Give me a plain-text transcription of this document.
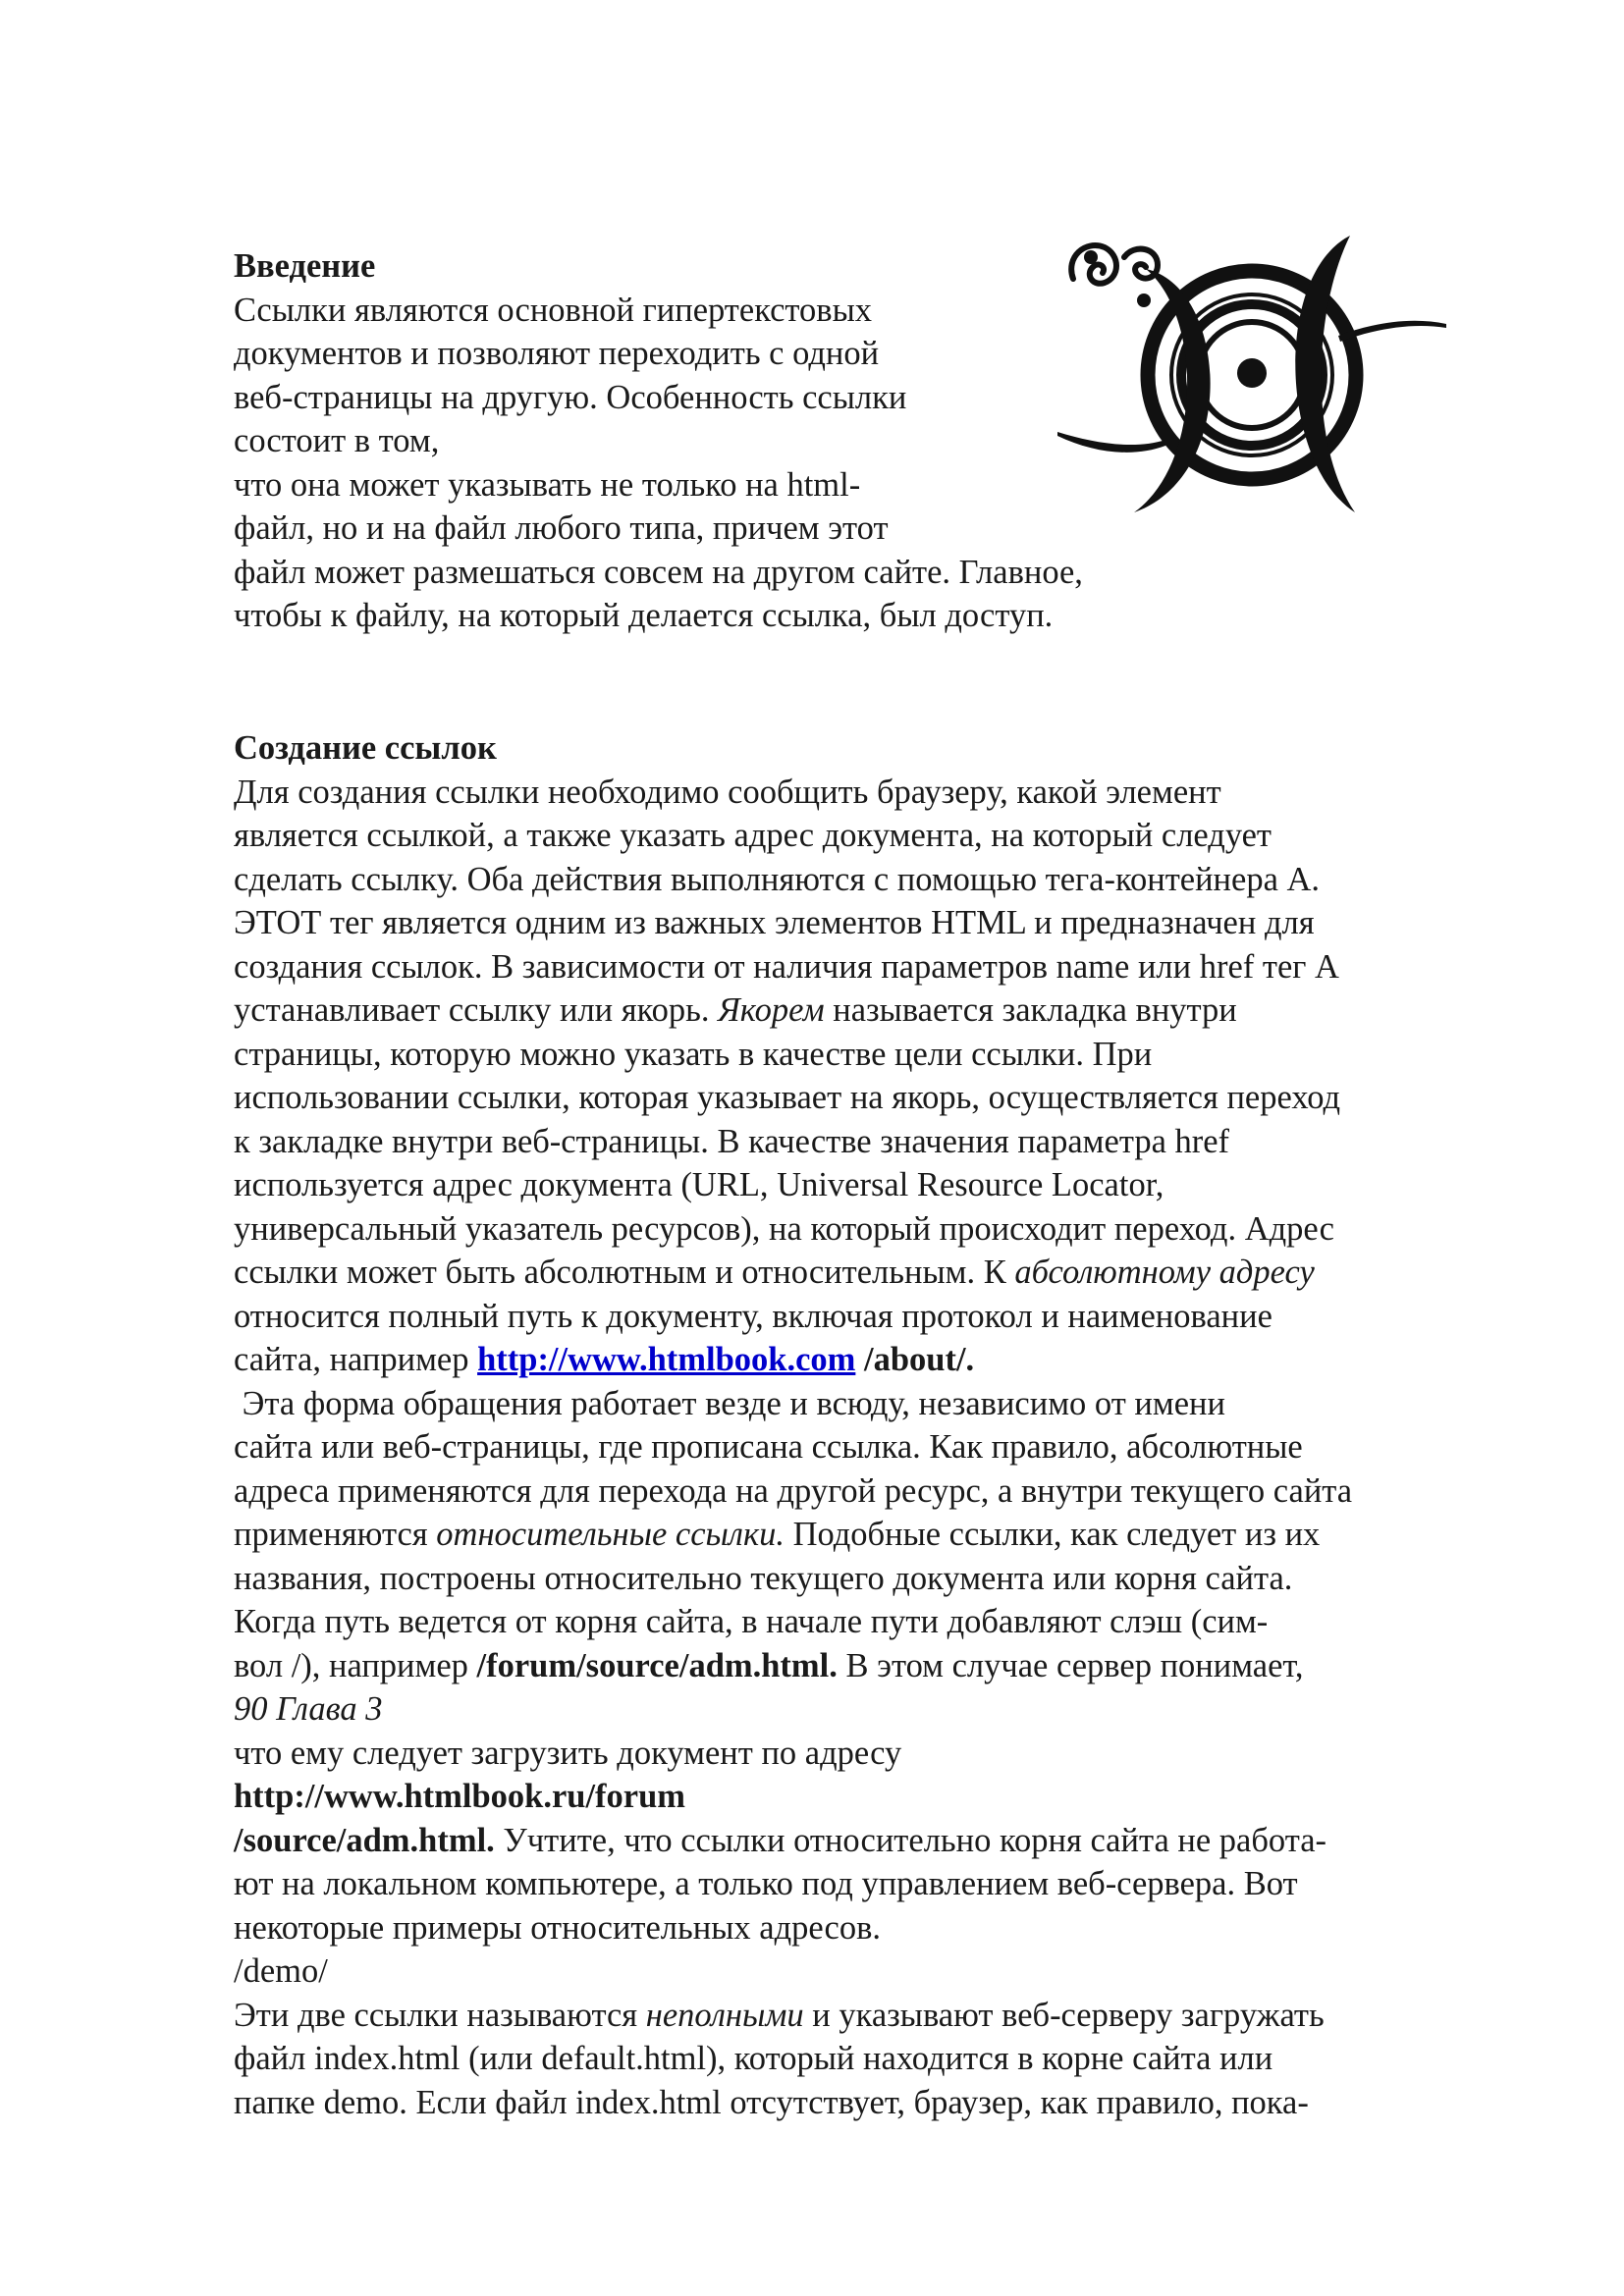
Введение
Ссылки являются основной гипертекстовых
документов и позволяют переходить с одной
веб-страницы на другую. Особенность ссылки
состоит в том,
что она может указывать не только на html-
файл, но и на файл любого типа, причем этот
файл может размешаться совсем на другом сайте. Главное,
чтобы к файлу, на который делается ссылка, был доступ.
Создание ссылок
Для создания ссылки необходимо сообщить браузеру, какой элемент
является ссылкой, а также указать адрес документа, на который следует
сделать ссылку. Оба действия выполняются с помощью тега-контейнера А.
ЭТОТ тег является одним из важных элементов HTML и предназначен для
создания ссылок. В зависимости от наличия параметров name или href тег А
устанавливает ссылку или якорь. Якорем называется закладка внутри
страницы, которую можно указать в качестве цели ссылки. При
использовании ссылки, которая указывает на якорь, осуществляется переход
к закладке внутри веб-страницы. В качестве значения параметра href
используется адрес документа (URL, Universal Resource Locator,
универсальный указатель ресурсов), на который происходит переход. Адрес
ссылки может быть абсолютным и относительным. К абсолютному адресу
относится полный путь к документу, включая протокол и наименование
сайта, например http://www.htmlbook.com /about/.
Эта форма обращения работает везде и всюду, независимо от имени
сайта или веб-страницы, где прописана ссылка. Как правило, абсолютные
адреса применяются для перехода на другой ресурс, а внутри текущего сайта
применяются относительные ссылки. Подобные ссылки, как следует из их
названия, построены относительно текущего документа или корня сайта.
Когда путь ведется от корня сайта, в начале пути добавляют слэш (сим-
вол /), например /forum/source/adm.html. В этом случае сервер понимает,
90 Глава 3
что ему следует загрузить документ по адресу
http://www.htmlbook.ru/forum
/source/adm.html. Учтите, что ссылки относительно корня сайта не работа-
ют на локальном компьютере, а только под управлением веб-сервера. Вот
некоторые примеры относительных адресов.
/demo/
Эти две ссылки называются неполными и указывают веб-серверу загружать
файл index.html (или default.html), который находится в корне сайта или
папке demo. Если файл index.html отсутствует, браузер, как правило, пока-
